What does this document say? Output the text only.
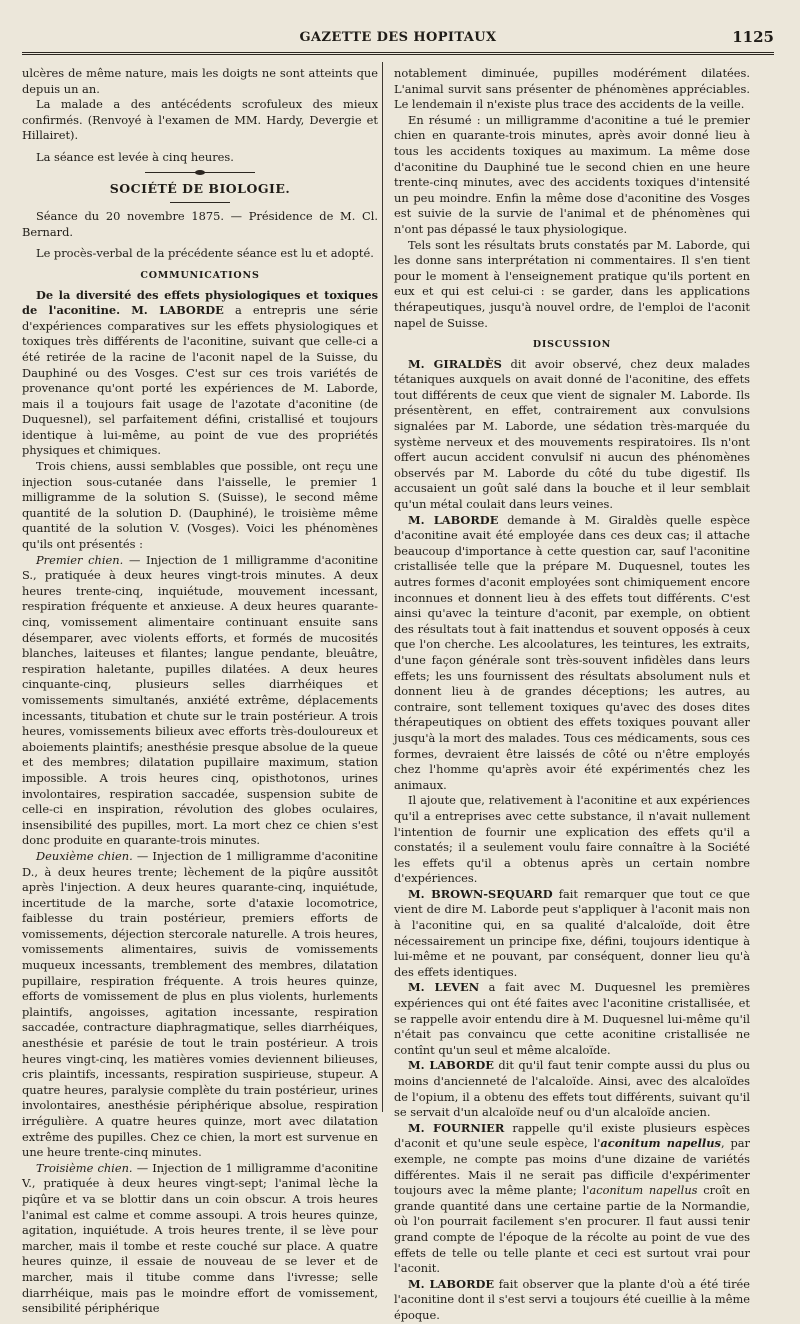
GAZETTE DES HOPITAUX	1125

ulcères de même nature, mais les doigts ne sont atteints que depuis un an.

La malade a des antécédents scrofuleux des mieux confirmés. (Renvoyé à l'examen de MM. Hardy, Devergie et Hillairet).

La séance est levée à cinq heures.

SOCIÉTÉ DE BIOLOGIE.

Séance du 20 novembre 1875. — Présidence de M. Cl. Bernard.

Le procès-verbal de la précédente séance est lu et adopté.

COMMUNICATIONS

De la diversité des effets physiologiques et toxiques de l'aconitine. M. LABORDE a entrepris une série d'expériences comparatives sur les effets physiologiques et toxiques très différents de l'aconitine, suivant que celle-ci a été retirée de la racine de l'aconit napel de la Suisse, du Dauphiné ou des Vosges. C'est sur ces trois variétés de provenance qu'ont porté les expériences de M. Laborde, mais il a toujours fait usage de l'azotate d'aconitine (de Duquesnel), sel parfaitement défini, cristallisé et toujours identique à lui-même, au point de vue des propriétés physiques et chimiques.

Trois chiens, aussi semblables que possible, ont reçu une injection sous-cutanée dans l'aisselle, le premier 1 milligramme de la solution S. (Suisse), le second même quantité de la solution D. (Dauphiné), le troisième même quantité de la solution V. (Vosges). Voici les phénomènes qu'ils ont présentés :

Premier chien. — Injection de 1 milligramme d'aconitine S., pratiquée à deux heures vingt-trois minutes. A deux heures trente-cinq, inquiétude, mouvement incessant, respiration fréquente et anxieuse. A deux heures quarante-cinq, vomissement alimentaire continuant ensuite sans désemparer, avec violents efforts, et formés de mucosités blanches, laiteuses et filantes; langue pendante, bleuâtre, respiration haletante, pupilles dilatées. A deux heures cinquante-cinq, plusieurs selles diarrhéiques et vomissements simultanés, anxiété extrême, déplacements incessants, titubation et chute sur le train postérieur. A trois heures, vomissements bilieux avec efforts très-douloureux et aboiements plaintifs; anesthésie presque absolue de la queue et des membres; dilatation pupillaire maximum, station impossible. A trois heures cinq, opisthotonos, urines involontaires, respiration saccadée, suspension subite de celle-ci en inspiration, révolution des globes oculaires, insensibilité des pupilles, mort. La mort chez ce chien s'est donc produite en quarante-trois minutes.

Deuxième chien. — Injection de 1 milligramme d'aconitine D., à deux heures trente; lèchement de la piqûre aussitôt après l'injection. A deux heures quarante-cinq, inquiétude, incertitude de la marche, sorte d'ataxie locomotrice, faiblesse du train postérieur, premiers efforts de vomissements, déjection stercorale naturelle. A trois heures, vomissements alimentaires, suivis de vomissements muqueux incessants, tremblement des membres, dilatation pupillaire, respiration fréquente. A trois heures quinze, efforts de vomissement de plus en plus violents, hurlements plaintifs, angoisses, agitation incessante, respiration saccadée, contracture diaphragmatique, selles diarrhéiques, anesthésie et parésie de tout le train postérieur. A trois heures vingt-cinq, les matières vomies deviennent bilieuses, cris plaintifs, incessants, respiration suspirieuse, stupeur. A quatre heures, paralysie complète du train postérieur, urines involontaires, anesthésie périphérique absolue, respiration irrégulière. A quatre heures quinze, mort avec dilatation extrême des pupilles. Chez ce chien, la mort est survenue en une heure trente-cinq minutes.

Troisième chien. — Injection de 1 milligramme d'aconitine V., pratiquée à deux heures vingt-sept; l'animal lèche la piqûre et va se blottir dans un coin obscur. A trois heures l'animal est calme et comme assoupi. A trois heures quinze, agitation, inquiétude. A trois heures trente, il se lève pour marcher, mais il tombe et reste couché sur place. A quatre heures quinze, il essaie de nouveau de se lever et de marcher, mais il titube comme dans l'ivresse; selle diarrhéique, mais pas le moindre effort de vomissement, sensibilité périphérique

notablement diminuée, pupilles modérément dilatées. L'animal survit sans présenter de phénomènes appréciables. Le lendemain il n'existe plus trace des accidents de la veille.

En résumé : un milligramme d'aconitine a tué le premier chien en quarante-trois minutes, après avoir donné lieu à tous les accidents toxiques au maximum. La même dose d'aconitine du Dauphiné tue le second chien en une heure trente-cinq minutes, avec des accidents toxiques d'intensité un peu moindre. Enfin la même dose d'aconitine des Vosges est suivie de la survie de l'animal et de phénomènes qui n'ont pas dépassé le taux physiologique.

Tels sont les résultats bruts constatés par M. Laborde, qui les donne sans interprétation ni commentaires. Il s'en tient pour le moment à l'enseignement pratique qu'ils portent en eux et qui est celui-ci : se garder, dans les applications thérapeutiques, jusqu'à nouvel ordre, de l'emploi de l'aconit napel de Suisse.

DISCUSSION

M. GIRALDÈS dit avoir observé, chez deux malades tétaniques auxquels on avait donné de l'aconitine, des effets tout différents de ceux que vient de signaler M. Laborde. Ils présentèrent, en effet, contrairement aux convulsions signalées par M. Laborde, une sédation très-marquée du système nerveux et des mouvements respiratoires. Ils n'ont offert aucun accident convulsif ni aucun des phénomènes observés par M. Laborde du côté du tube digestif. Ils accusaient un goût salé dans la bouche et il leur semblait qu'un métal coulait dans leurs veines.

M. LABORDE demande à M. Giraldès quelle espèce d'aconitine avait été employée dans ces deux cas; il attache beaucoup d'importance à cette question car, sauf l'aconitine cristallisée telle que la prépare M. Duquesnel, toutes les autres formes d'aconit employées sont chimiquement encore inconnues et donnent lieu à des effets tout différents. C'est ainsi qu'avec la teinture d'aconit, par exemple, on obtient des résultats tout à fait inattendus et souvent opposés à ceux que l'on cherche. Les alcoolatures, les teintures, les extraits, d'une façon générale sont très-souvent infidèles dans leurs effets; les uns fournissent des résultats absolument nuls et donnent lieu à de grandes déceptions; les autres, au contraire, sont tellement toxiques qu'avec des doses dites thérapeutiques on obtient des effets toxiques pouvant aller jusqu'à la mort des malades. Tous ces médicaments, sous ces formes, devraient être laissés de côté ou n'être employés chez l'homme qu'après avoir été expérimentés chez les animaux.

Il ajoute que, relativement à l'aconitine et aux expériences qu'il a entreprises avec cette substance, il n'avait nullement l'intention de fournir une explication des effets qu'il a constatés; il a seulement voulu faire connaître à la Société les effets qu'il a obtenus après un certain nombre d'expériences.

M. BROWN-SEQUARD fait remarquer que tout ce que vient de dire M. Laborde peut s'appliquer à l'aconit mais non à l'aconitine qui, en sa qualité d'alcaloïde, doit être nécessairement un principe fixe, défini, toujours identique à lui-même et ne pouvant, par conséquent, donner lieu qu'à des effets identiques.

M. LEVEN a fait avec M. Duquesnel les premières expériences qui ont été faites avec l'aconitine cristallisée, et se rappelle avoir entendu dire à M. Duquesnel lui-même qu'il n'était pas convaincu que cette aconitine cristallisée ne contînt qu'un seul et même alcaloïde.

M. LABORDE dit qu'il faut tenir compte aussi du plus ou moins d'ancienneté de l'alcaloïde. Ainsi, avec des alcaloïdes de l'opium, il a obtenu des effets tout différents, suivant qu'il se servait d'un alcaloïde neuf ou d'un alcaloïde ancien.

M. FOURNIER rappelle qu'il existe plusieurs espèces d'aconit et qu'une seule espèce, l'aconitum napellus, par exemple, ne compte pas moins d'une dizaine de variétés différentes. Mais il ne serait pas difficile d'expérimenter toujours avec la même plante; l'aconitum napellus croît en grande quantité dans une certaine partie de la Normandie, où l'on pourrait facilement s'en procurer. Il faut aussi tenir grand compte de l'époque de la récolte au point de vue des effets de telle ou telle plante et ceci est surtout vrai pour l'aconit.

M. LABORDE fait observer que la plante d'où a été tirée l'aconitine dont il s'est servi a toujours été cueillie à la même époque.
